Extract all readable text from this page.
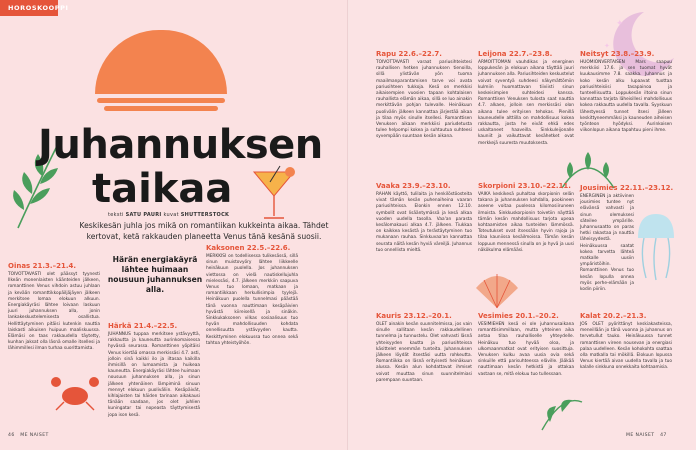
HOROSKOOPPI
✦
✦
Juhannuksen
taikaa
teksti SATU PAURI kuvat SHUTTERSTOCK

Keskikesän juhla jos mikä on romantiikan kukkeinta aikaa. Tähdet kertovat, ketä rakkauden planeetta Venus tänä kesänä suosii.

Oinas 21.3.–21.4.

TOIVOTTAVASTI olet päässyt tyynesti Ilkeän monenlaisten käänteiden jälkeen, romanttinen Venus vihdoin astuu juhlaan ja kevään romanttikkopäiljäjäyen jälkeen merkitsee lomaa elokuun alkuun. Energiakäyräsi lähtee loivaan laskuun juuri juhannuksen alla, jonin lankakeskustelemisesta osallistua. Hellittäytyminen pitäisi kutenkin nauttia laiskasti aikuisen huipuun maaliskuussa. Elämäsi on taas rakkaudella täytetty, kunhan jaksat olla läsnä omalle itsellesi ja lähimmillesi ilman turhaa suorittamista.

Härän energiakäyrä lähtee huimaan nousuun juhannuksen alla.

Härkä 21.4.–22.5.

JUHANNUS tuppaa merkitsee ystävyyttä, rakkautta ja kauneutta aurinkomaisessa hyvässä seurassa. Romanttinen yöpitäisi Venus kiertää omassa merkissäsi 4.7. asti, jolloin sinä kaikki ilo ja iltasaa kaikilla ihmisillä on lumoamista ja huikeaa kauneutta. Energiakäyräsi lähtee huimaan nousuun juhannuksen alla, ja sinun jälkeen yhtenäinen lämpiminä sinuun mennyt elokuun puoliväliin. Kesäpäivät, kihlajaisten tai häiden tarinaan aikakausi tänään saadaan, jos olet juhlien kuningatar tai nopeasta täyttymisestä jopa ison kesä.

Kaksonen 22.5.–22.6.

MERKKISI on todellisessa tulikesässä, sillä sinun muistovyöry lähtee liikkeelle heinäkuun puolella. Jos juhannuksen viettossa on vielä nautiskellujuhla mielessäsi, 4.7. jälkeen merkkiin saapuva Venus tuo lomaan, matkaan ja romantiikkaan herkullisimpia tyylejä. Heinäkuun puolella tunnelmasi päästää tänä vuonna nauttimaan kesäpäivien hyvästä kiireisellä ja sinäkin. Sinkkukaksonen vilkas sosiaalisuus tuo hyvän mahdollisuuden kohdata onnellisuutta ystävyyden kautta. Keskittyminen elokuussa tuo onnea sekä tahtoa yhteistyöhön.

Rapu 22.6.–22.7.

TOIVOTTAVASTI varaat pariusihteistesi rauhallisen hetken juhannuksen tienoilla, sillä ylistävän yön tuoma maailmanparantamisen tarve voi avata pariusihteen tukkoja. Kesä on merkkisi aikaisempien vuosien tapaan kohtalaisen rauhallista elämän aikaa, sillä se luo ainakin merkittävän pohjan tulevalle. Heinäkuun puolivälin jälkeen kannattaa järjestää aikaa ja tilaa myös sinulle itsellesi. Romanttisen Venuksen aikaan merkkiisi pariudetusta tulee helpompi kokea ja suhtautua suhteesi syvempään suuntaan kesän aikana.

Leijona 22.7.–23.8.

ARMOITTOMAN vauhdikas ja energinen loppukesän ja elokuun aikana täyttää juuri juhannuksen alla. Pariusihteiden keskustelut voivat syventyä suhdeesi näkymättömiin kulmiin huomattavan tiiviisti sinun keskeisimpien suhteidesi kanssa. Romanttisen Venuksen tulosta saat nauttia 4.7. alkaen, jolloin sen merkissäsi olon aikana tulee erityisen tehokas. Pienillä kauneudelle alttiilla on mahdollisuus kokea rakkautta, josta he eivät ehkä edes uskaltaneet haaveilla. Sinkkuleijonalle kauniit ja vaikuttavat kesähetket ovat merkkejä suuresta muutoksesta.

Neitsyt 23.8.–23.9.

HUOMIONVERTAISEN Mars saapuu merkkiisi 17.6. ja sen tuomat hyvät kuukausimme 7.8. saakka. Juhannus ja koko kesän alku lupaavat tuottaa pariusihteisiisi tasapainoa ja tunteellisuutta. Loppukesän iltoina sinun kannattaa tarjota läheisillesi mahdollisuus kokea rakkautta uudella tavalla. Syyskuun lähestyessä tunnet itsesi jälleen keskittyneemmäksi ja kauneuden aiheisen työnteon hyödyksi. Aurinkoisen viikonlopun aikana tapahtuu pieni ihme.

Vaaka 23.9.–23.10.

RAHAN käyttö, tulilaita ja henkilöstöosteita vivat tämän kesän puhenaiheina vaaran pariusihteissa. Elonkin ennen 12.10. symbolit ovat lisääntymässä ja kesä alkaa vuoden uudella tasolla. Vaa'an parasta kesälomakausi alkaa 4.7. jälkeen. Tiukkaa on kaikkea kesästä ja terästäytyminen tuo mukanaan rauhaa. Sinkkuvaa'an kannattaa seurata näitä kesän hyviä väreiljä. Juhannus tuo onnellista mieltä.

Skorpioni 23.10.–22.11.

VAIKA keskikesä puhaltaa skorpionin selän takana ja juhannuksen kohdalla, pookineen aseene voitaa puolessa kilomosiiruneen ilmoista. Sinkkuskorpionin toivetiin näyttää tämän kesän mahdollisuus tarjota upeaa kohtaamisten aikaa tunteiden lämmössä. Toteutukset ovat itsessään hyvin rajoja ja tilaa kauniissa kesäilmoissa. Tämän kesän loppuun mennessä sinulla on jo hyvä ja uusi näkökulma elämääsi.

Jousimies 22.11.–23.12.

ENERGINEN ja aktiivinen jousimies tuntee nyt elävänsä vahvasti ja sinun olemuksesi säteilee ympärille. Juhannusaatto on paras hetki rakastaa ja nauttia läheisyydestä. Heinäkuussa saatat kokea tarvetta lähteä matkalle uusiin ympäristöihin. Romanttinen Venus tuo kesän lopulla onnea myös perhe-elämään ja kodin piiriin.

Kauris 23.12.–20.1.

OLET ainakin kesän suunnitelmissa, jos vain sinulle sallitaan kesän rakkaudellinen tunnelma ja tunnustelu. Olet vahvasti läsnä yhteisyyden kautta ja pariusihteissa käsittelet enemmän tunteita. Juhannuksen jälkeen löydät itsestäsi uutta rohkeutta. Romantiikka on läsnä erityisesti heinäkuun alussa. Kesän alun kohdattavat ihmiset voivat muuttaa sinun suunnitelmiasi parempaan suuntaan.

Vesimies 20.1.–20.2.

VESIMIEHEN kesä ei ole juhannusaikana romanttisimmillaan, mutta yhteinen aika antaa tilaa rauhalliselle yhteydelle. Heinäkuu tuo hyvää oloa, ja ulkomaanmatkat ovat erityisen suosittuja. Venuksen kulku avaa uusia ovia sekä sinkuille että parisuhteessa eläville. Jääkää nauttimaan kesän hetkistä ja ottakaa vastaan se, mitä elokuu tuo tullessaan.

Kalat 20.2.–21.3.

JOS OLET pyörittänyt keskiakasteissa, meneillään jo tänä vuonna ja juhannus on tervetullut tauko. Heinäkuussa tunnet romanttisen vireen nousevan ja energiasi palaa uudelleen. Kesän kohokohta saattaa olla matkalla tai mökillä. Elokuun lopussa Venus kiertää aivan uudella tavalla ja tuo kalalle sinkkuna onnekkaita kohtaamisia.

46 ME NAISET	ME NAISET 47
